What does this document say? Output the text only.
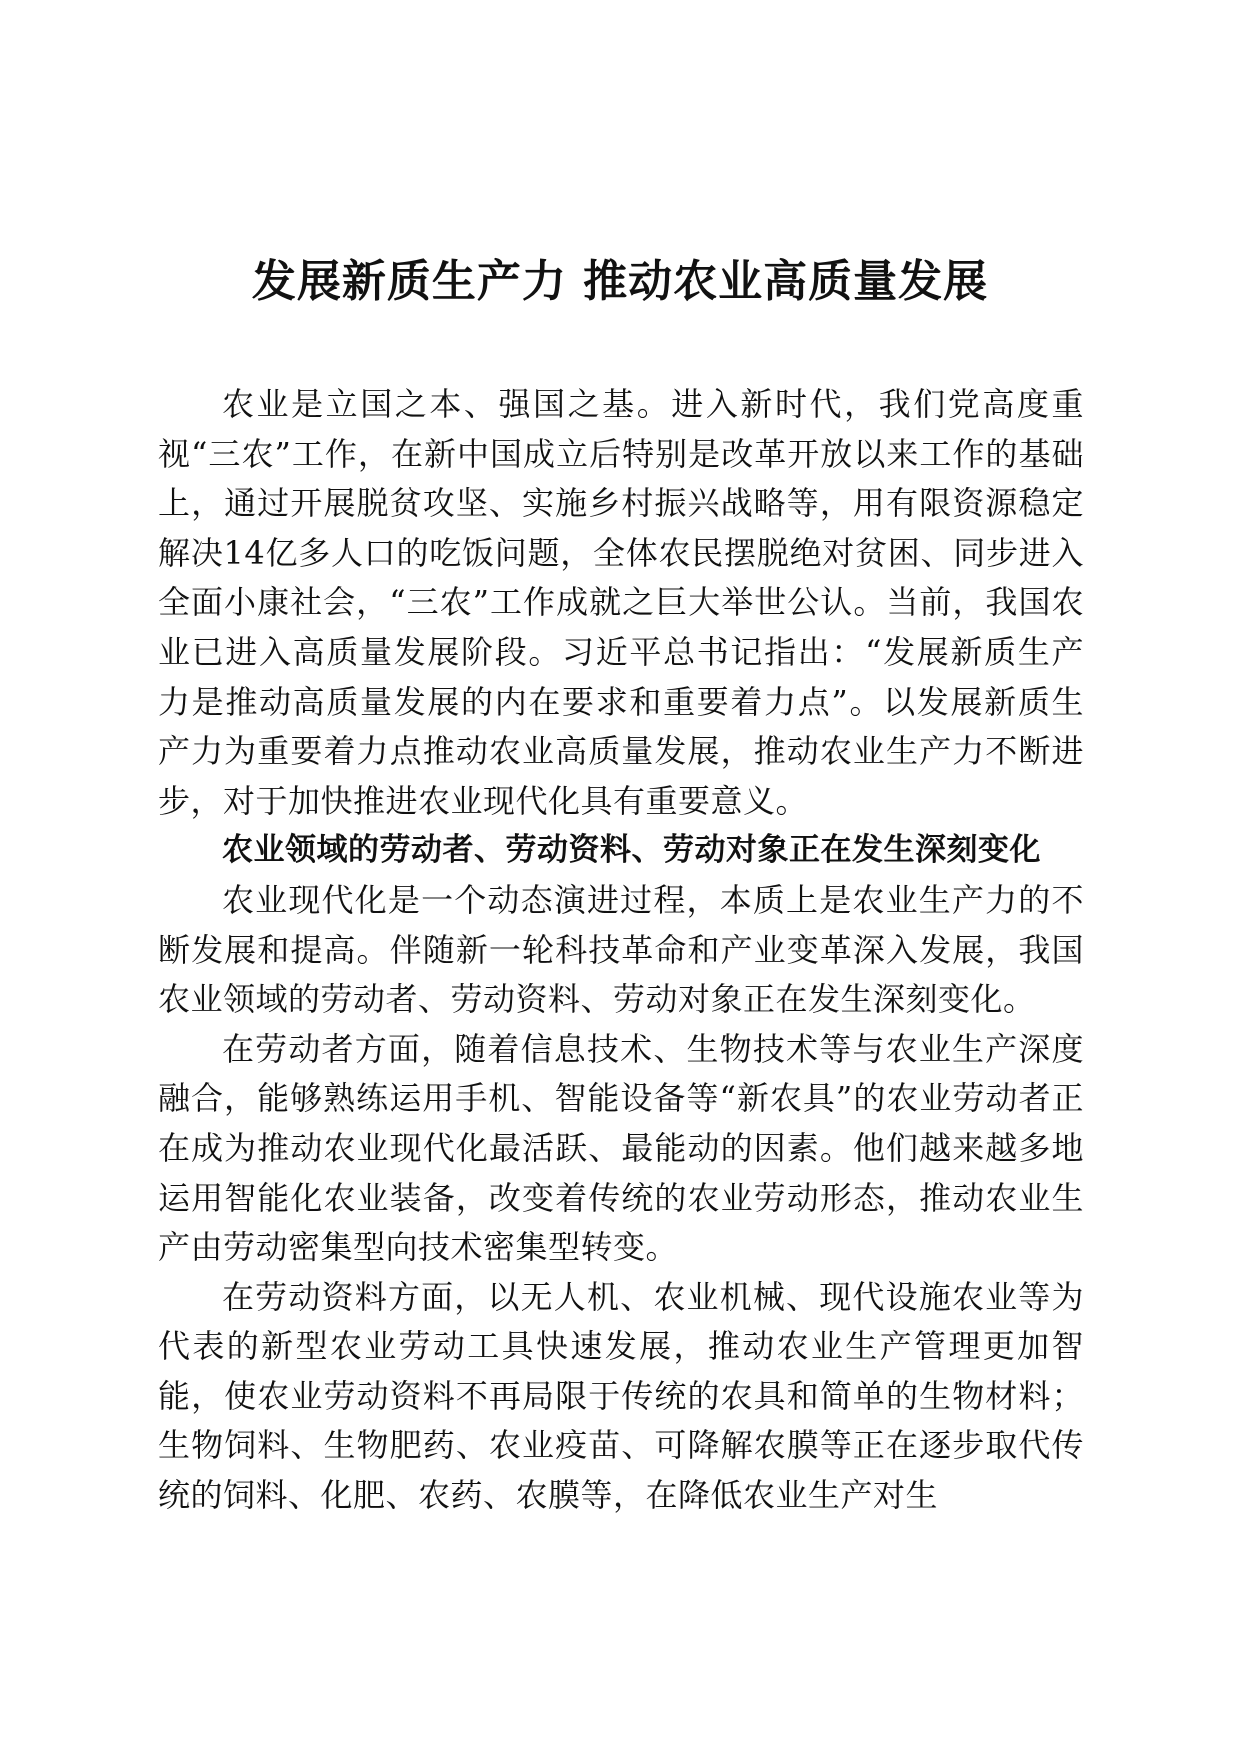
发展新质生产力 推动农业高质量发展

农业是立国之本、强国之基。进入新时代，我们党高度重视“三农”工作，在新中国成立后特别是改革开放以来工作的基础上，通过开展脱贫攻坚、实施乡村振兴战略等，用有限资源稳定解决14亿多人口的吃饭问题，全体农民摆脱绝对贫困、同步进入全面小康社会，“三农”工作成就之巨大举世公认。当前，我国农业已进入高质量发展阶段。习近平总书记指出：“发展新质生产力是推动高质量发展的内在要求和重要着力点”。以发展新质生产力为重要着力点推动农业高质量发展，推动农业生产力不断进步，对于加快推进农业现代化具有重要意义。

农业领域的劳动者、劳动资料、劳动对象正在发生深刻变化

农业现代化是一个动态演进过程，本质上是农业生产力的不断发展和提高。伴随新一轮科技革命和产业变革深入发展，我国农业领域的劳动者、劳动资料、劳动对象正在发生深刻变化。

在劳动者方面，随着信息技术、生物技术等与农业生产深度融合，能够熟练运用手机、智能设备等“新农具”的农业劳动者正在成为推动农业现代化最活跃、最能动的因素。他们越来越多地运用智能化农业装备，改变着传统的农业劳动形态，推动农业生产由劳动密集型向技术密集型转变。

在劳动资料方面，以无人机、农业机械、现代设施农业等为代表的新型农业劳动工具快速发展，推动农业生产管理更加智能，使农业劳动资料不再局限于传统的农具和简单的生物材料；生物饲料、生物肥药、农业疫苗、可降解农膜等正在逐步取代传统的饲料、化肥、农药、农膜等，在降低农业生产对生
